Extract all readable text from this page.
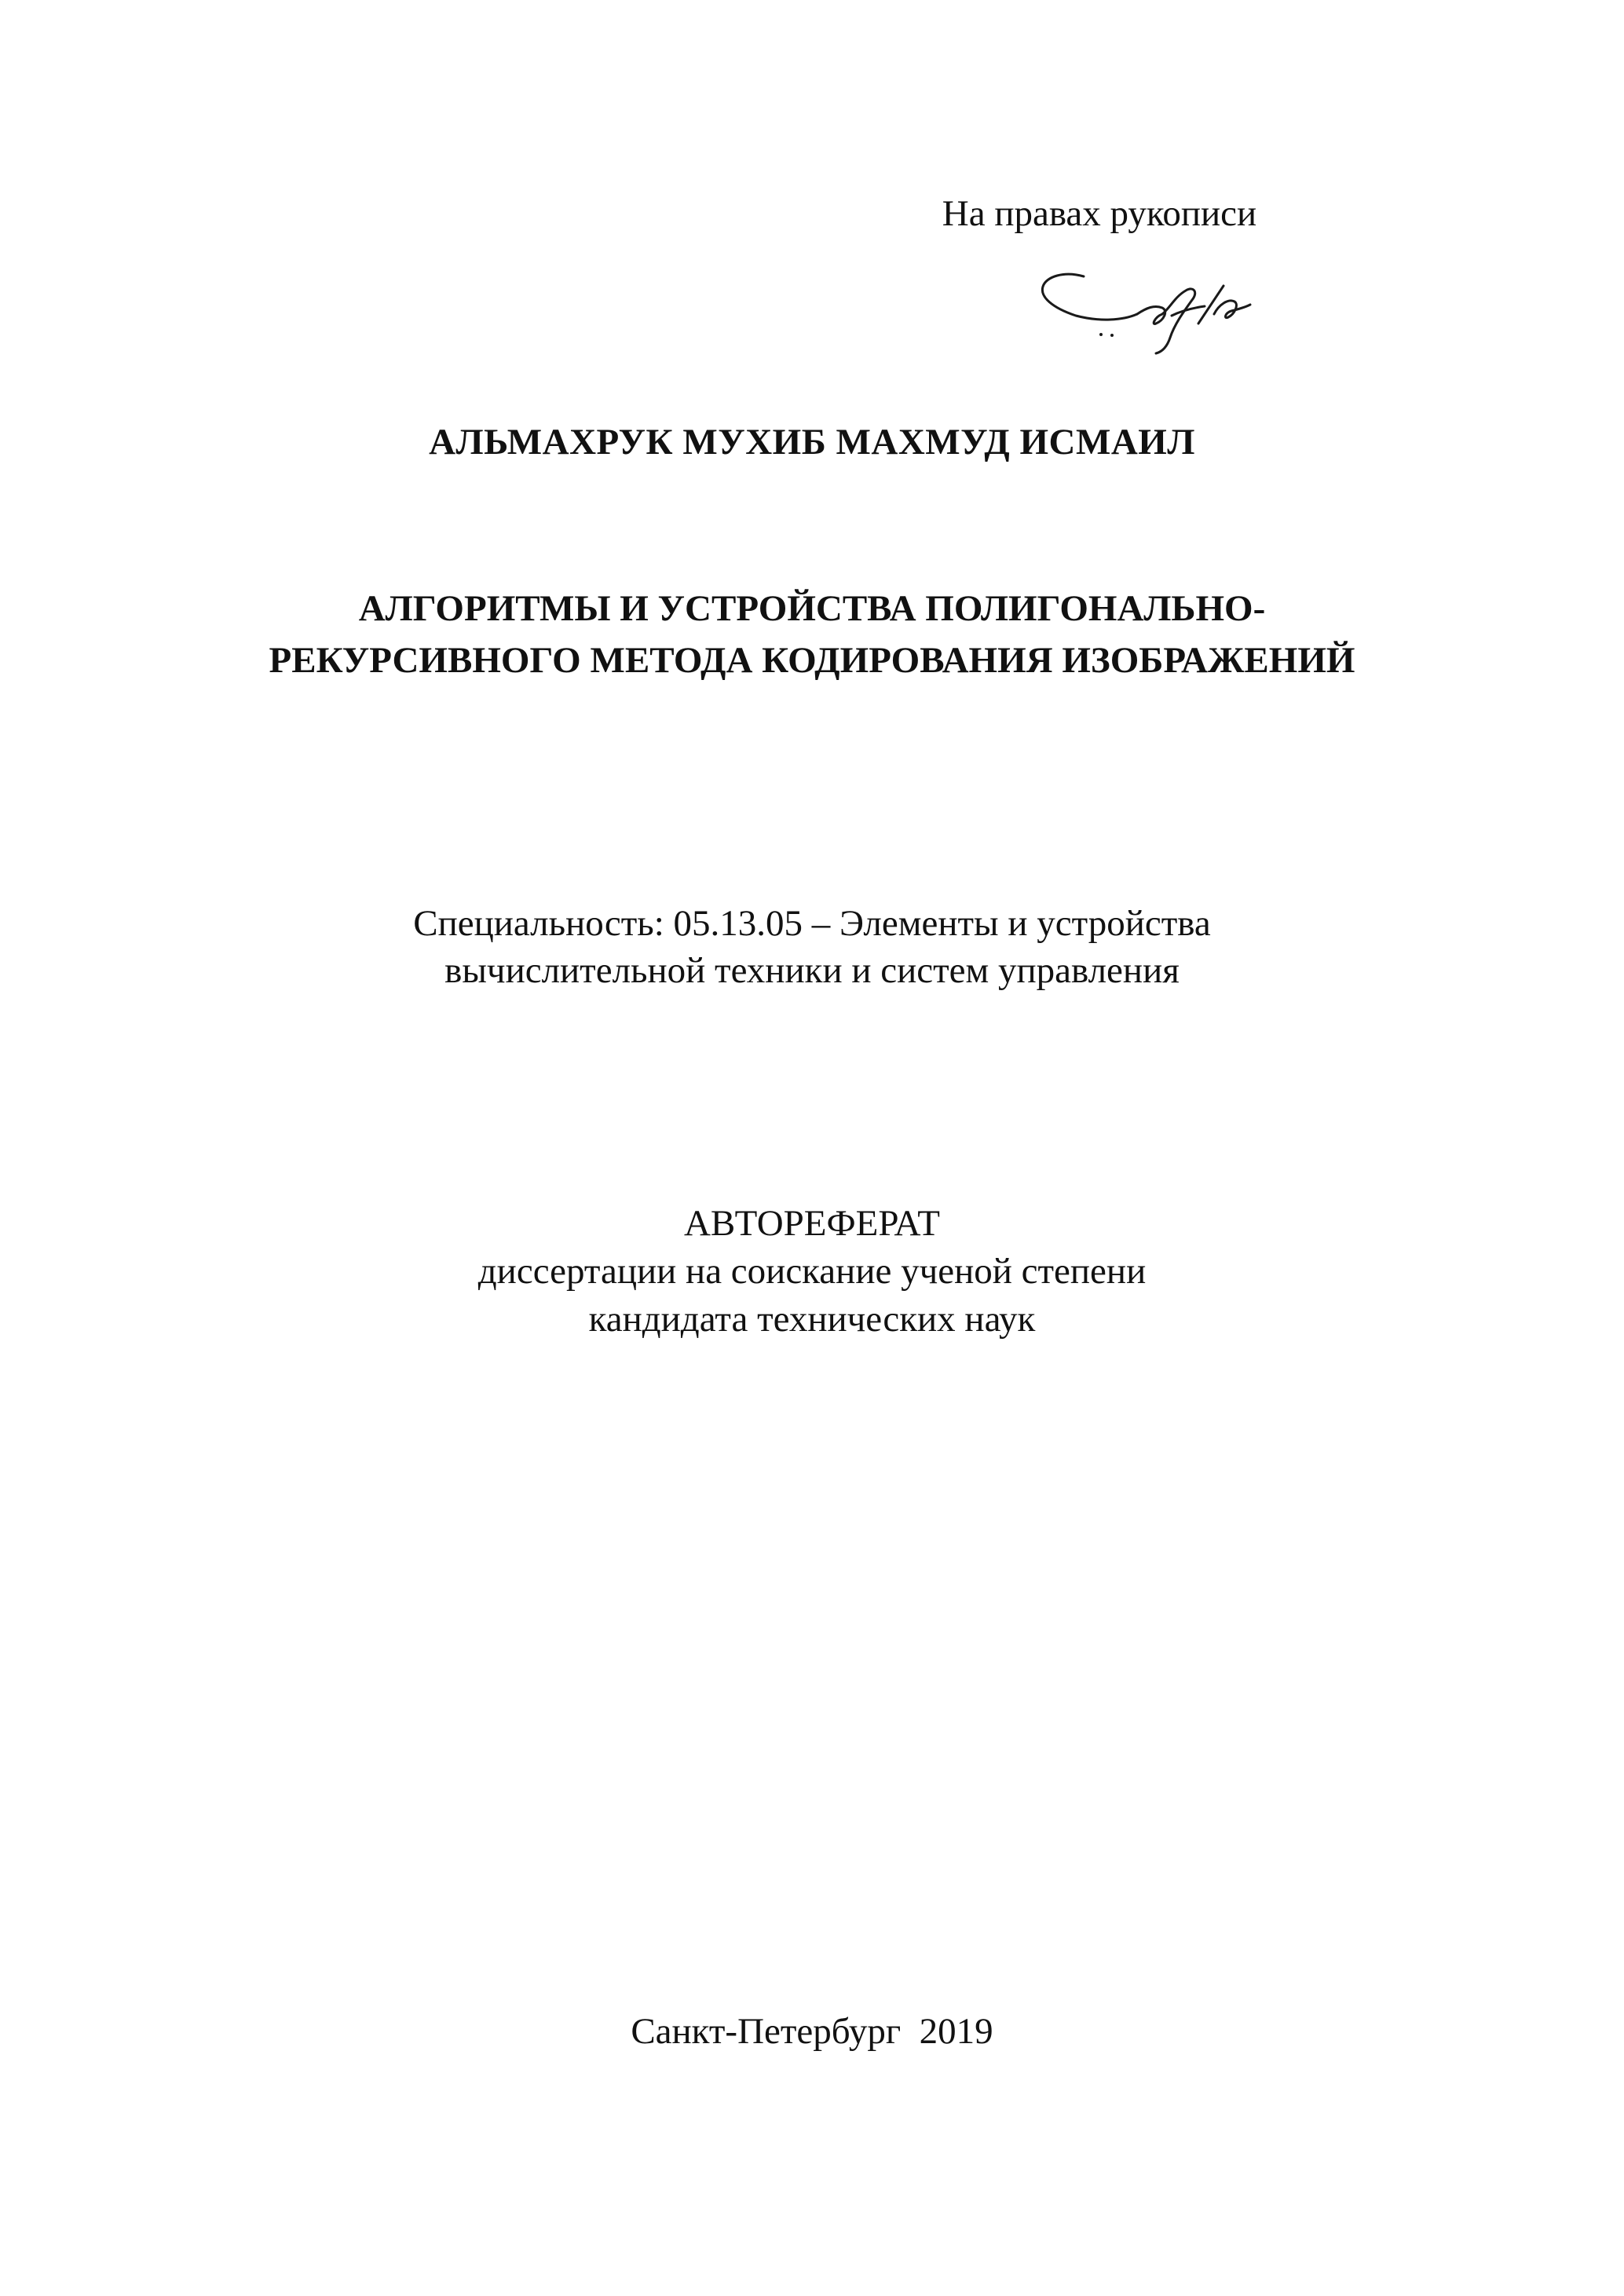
На правах рукописи
АЛЬМАХРУК МУХИБ МАХМУД ИСМАИЛ
АЛГОРИТМЫ И УСТРОЙСТВА ПОЛИГОНАЛЬНО-
РЕКУРСИВНОГО МЕТОДА КОДИРОВАНИЯ ИЗОБРАЖЕНИЙ
Специальность: 05.13.05 – Элементы и устройства
вычислительной техники и систем управления
АВТОРЕФЕРАТ
диссертации на соискание ученой степени
кандидата технических наук
Санкт-Петербург  2019
